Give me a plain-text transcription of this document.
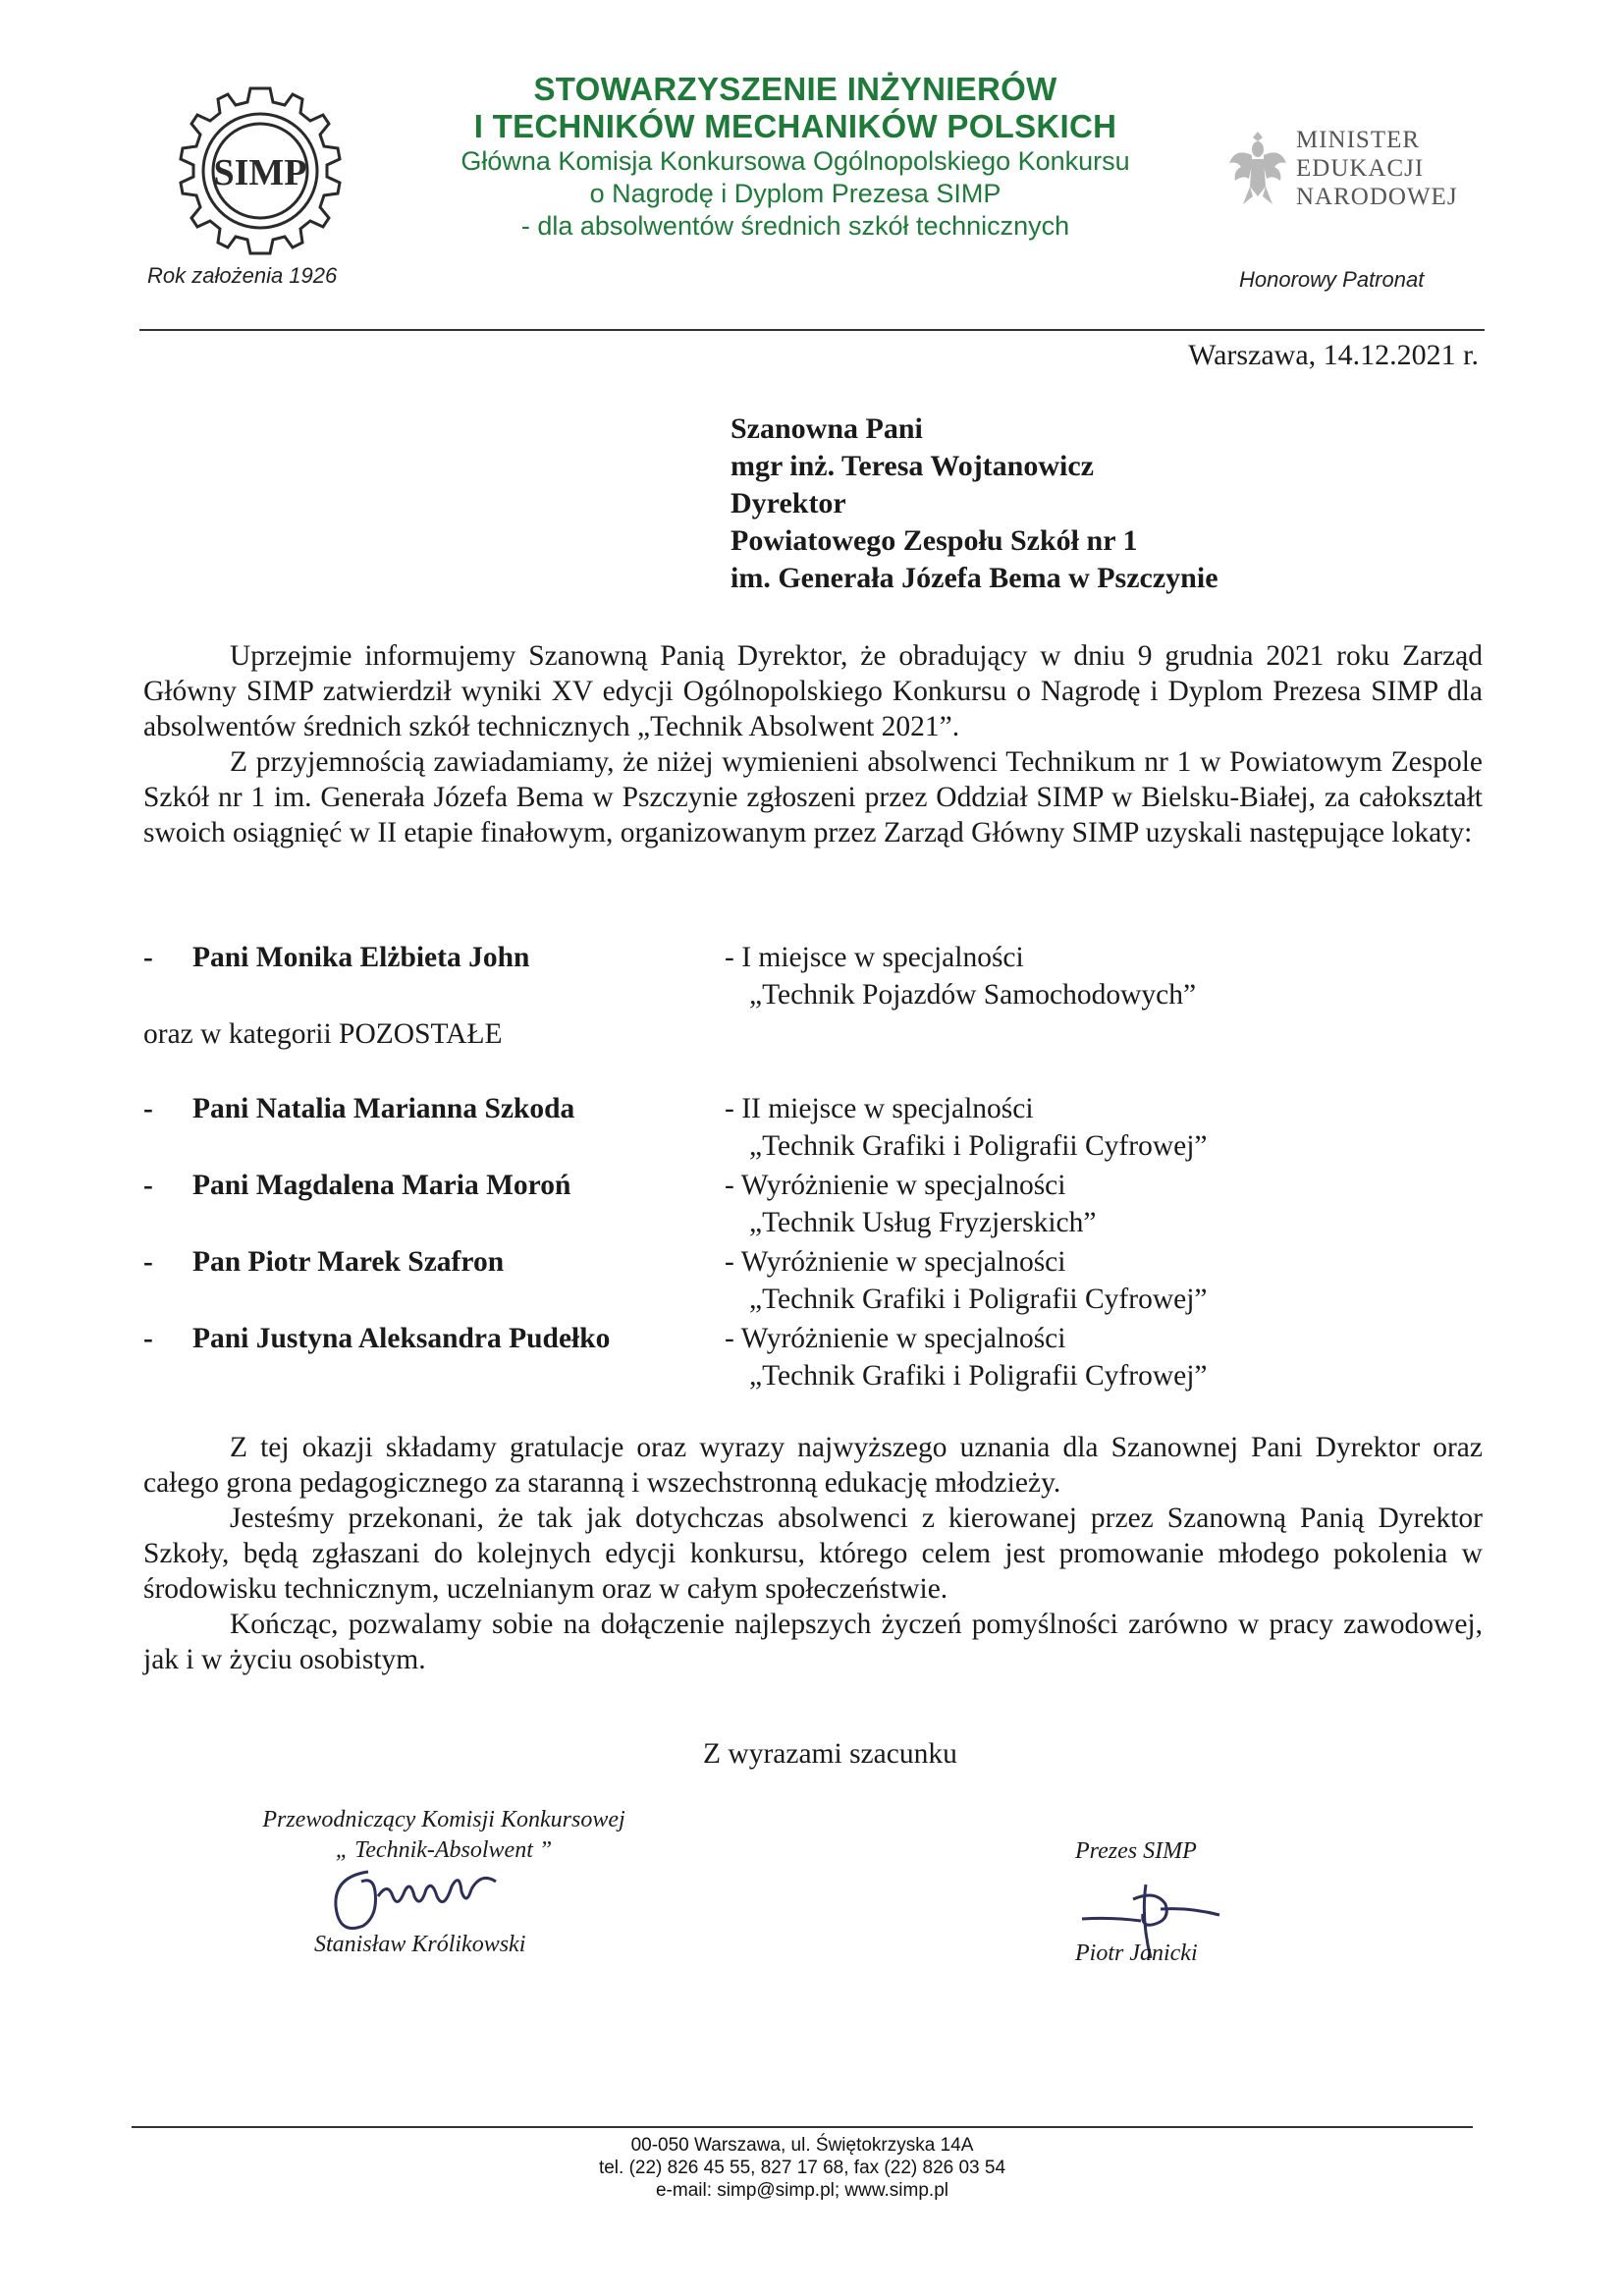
SIMP
Rok założenia 1926
STOWARZYSZENIE INŻYNIERÓW
I TECHNIKÓW MECHANIKÓW POLSKICH
Główna Komisja Konkursowa Ogólnopolskiego Konkursu
o Nagrodę i Dyplom Prezesa SIMP
- dla absolwentów średnich szkół technicznych
MINISTER
EDUKACJI
NARODOWEJ
Honorowy Patronat
Warszawa, 14.12.2021 r.
Szanowna Pani
mgr inż. Teresa Wojtanowicz
Dyrektor
Powiatowego Zespołu Szkół nr 1
im. Generała Józefa Bema w Pszczynie
Uprzejmie informujemy Szanowną Panią Dyrektor, że obradujący w dniu 9 grudnia 2021 roku Zarząd Główny SIMP zatwierdził wyniki XV edycji Ogólnopolskiego Konkursu o Nagrodę i Dyplom Prezesa SIMP dla absolwentów średnich szkół technicznych „Technik Absolwent 2021”.
Z przyjemnością zawiadamiamy, że niżej wymienieni absolwenci Technikum nr 1 w Powiatowym Zespole Szkół nr 1 im. Generała Józefa Bema w Pszczynie zgłoszeni przez Oddział SIMP w Bielsku-Białej, za całokształt swoich osiągnięć w II etapie finałowym, organizowanym przez Zarząd Główny SIMP uzyskali następujące lokaty:
- Pani Monika Elżbieta John	- I miejsce w specjalności
„Technik Pojazdów Samochodowych”
oraz w kategorii POZOSTAŁE
- Pani Natalia Marianna Szkoda	- II miejsce w specjalności
„Technik Grafiki i Poligrafii Cyfrowej”
- Pani Magdalena Maria Moroń	- Wyróżnienie w specjalności
„Technik Usług Fryzjerskich”
- Pan Piotr Marek Szafron	- Wyróżnienie w specjalności
„Technik Grafiki i Poligrafii Cyfrowej”
- Pani Justyna Aleksandra Pudełko	- Wyróżnienie w specjalności
„Technik Grafiki i Poligrafii Cyfrowej”
Z tej okazji składamy gratulacje oraz wyrazy najwyższego uznania dla Szanownej Pani Dyrektor oraz całego grona pedagogicznego za staranną i wszechstronną edukację młodzieży.
Jesteśmy przekonani, że tak jak dotychczas absolwenci z kierowanej przez Szanowną Panią Dyrektor Szkoły, będą zgłaszani do kolejnych edycji konkursu, którego celem jest promowanie młodego pokolenia w środowisku technicznym, uczelnianym oraz w całym społeczeństwie.
Kończąc, pozwalamy sobie na dołączenie najlepszych życzeń pomyślności zarówno w pracy zawodowej, jak i w życiu osobistym.
Z wyrazami szacunku
Przewodniczący Komisji Konkursowej
„ Technik-Absolwent ”
Stanisław Królikowski
Prezes SIMP
Piotr Janicki
00-050 Warszawa, ul. Świętokrzyska 14A
tel. (22) 826 45 55, 827 17 68, fax (22) 826 03 54
e-mail: simp@simp.pl; www.simp.pl
